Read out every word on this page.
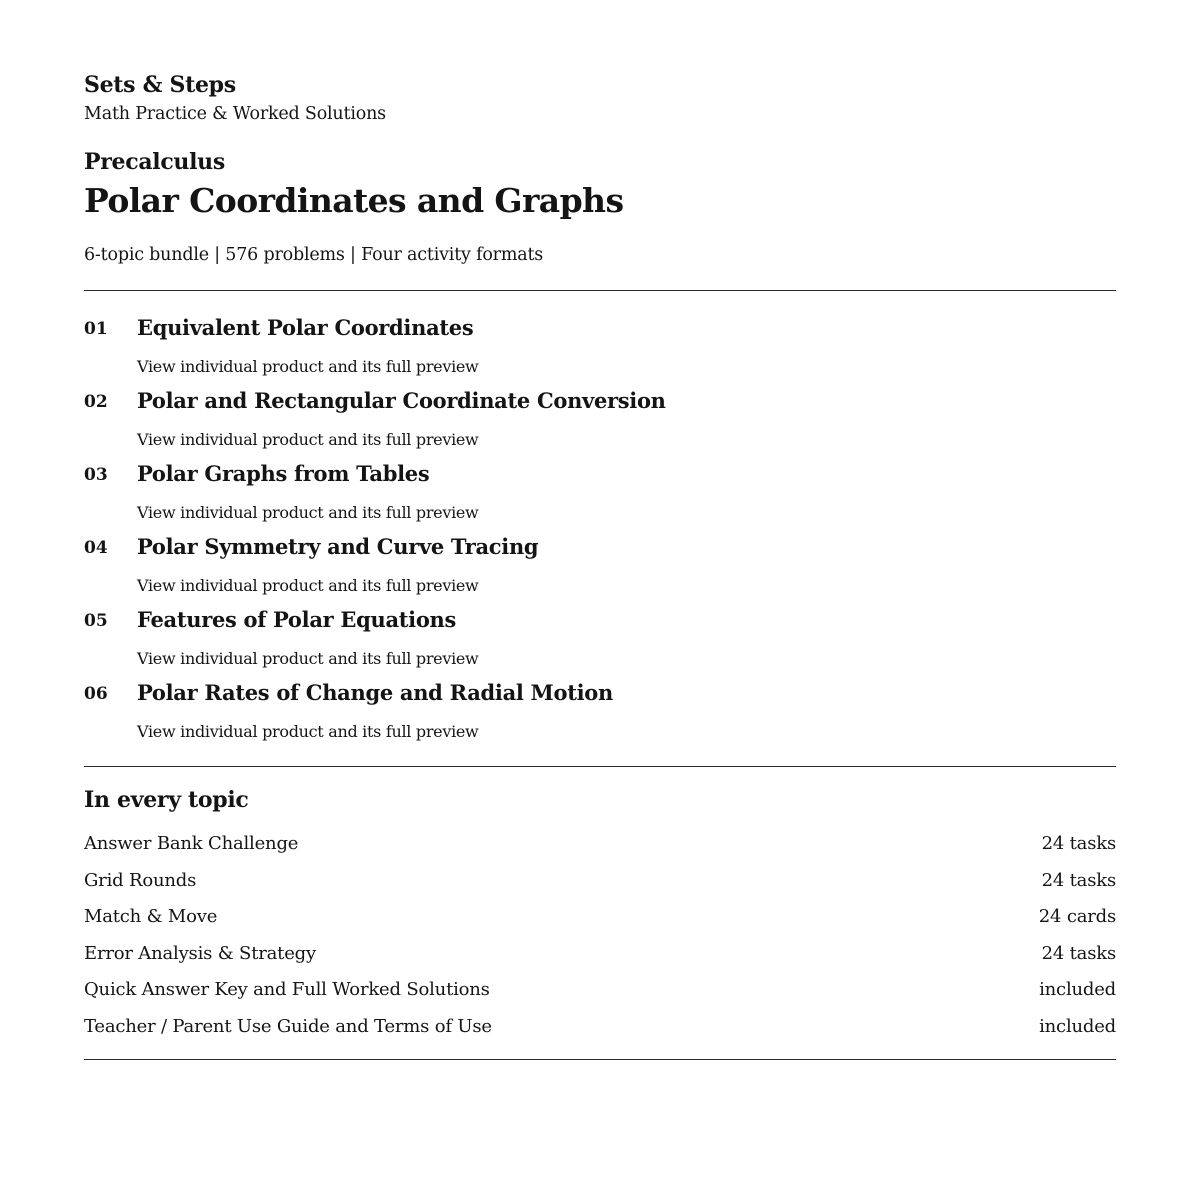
Sets & Steps
Math Practice & Worked Solutions
Precalculus
Polar Coordinates and Graphs
6-topic bundle | 576 problems | Four activity formats
01 Equivalent Polar Coordinates
View individual product and its full preview
02 Polar and Rectangular Coordinate Conversion
View individual product and its full preview
03 Polar Graphs from Tables
View individual product and its full preview
04 Polar Symmetry and Curve Tracing
View individual product and its full preview
05 Features of Polar Equations
View individual product and its full preview
06 Polar Rates of Change and Radial Motion
View individual product and its full preview
In every topic
Answer Bank Challenge	24 tasks
Grid Rounds	24 tasks
Match & Move	24 cards
Error Analysis & Strategy	24 tasks
Quick Answer Key and Full Worked Solutions	included
Teacher / Parent Use Guide and Terms of Use	included
